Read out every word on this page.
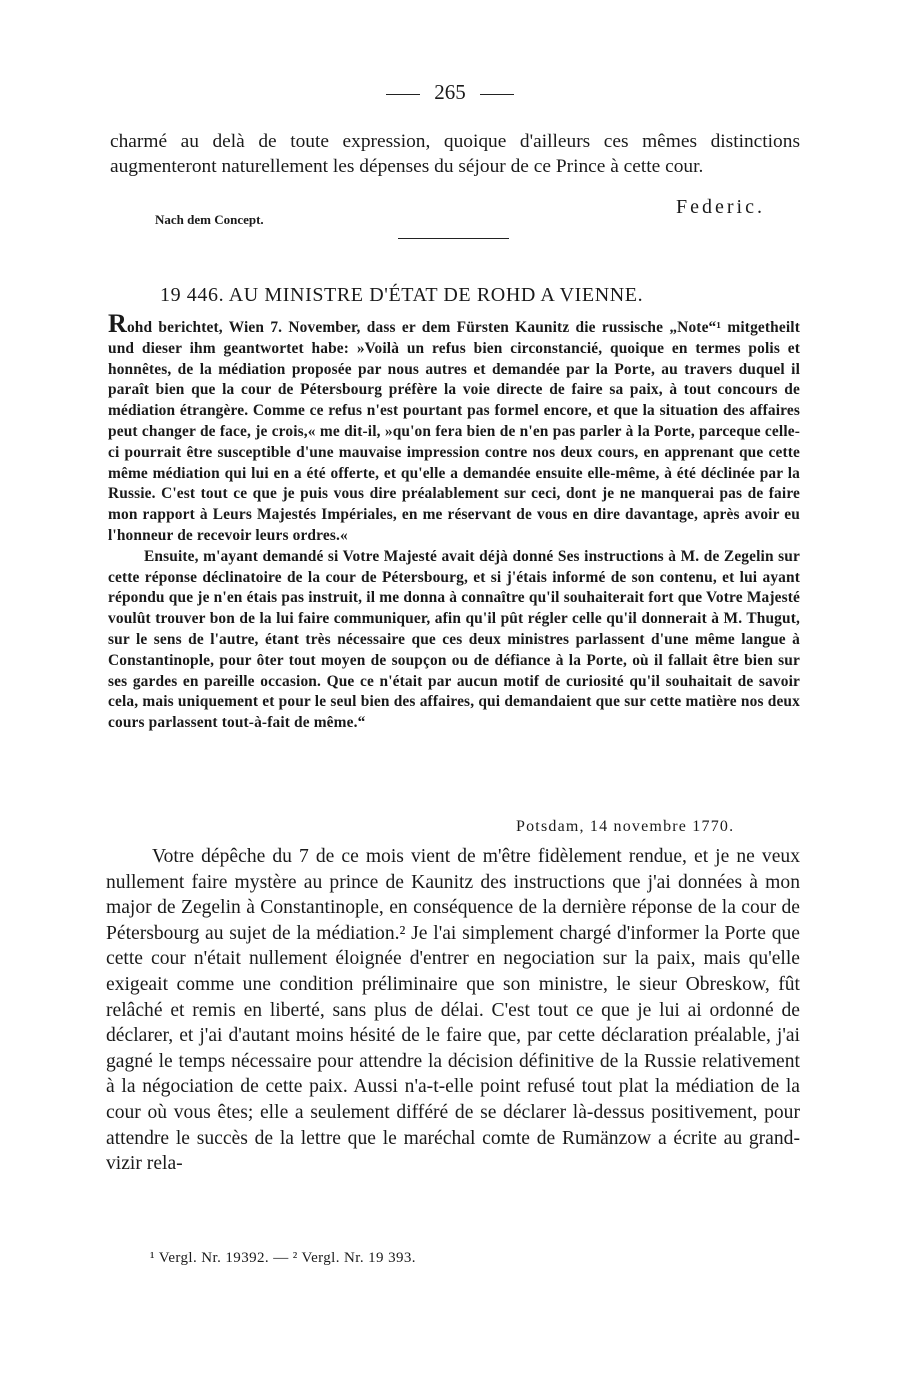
265

charmé au delà de toute expression, quoique d'ailleurs ces mêmes distinctions augmenteront naturellement les dépenses du séjour de ce Prince à cette cour.

Nach dem Concept.
Federic.
19 446. AU MINISTRE D'ÉTAT DE ROHD A VIENNE.

Rohd berichtet, Wien 7. November, dass er dem Fürsten Kaunitz die russische „Note“¹ mitgetheilt und dieser ihm geantwortet habe: »Voilà un refus bien circonstancié, quoique en termes polis et honnêtes, de la médiation proposée par nous autres et demandée par la Porte, au travers duquel il paraît bien que la cour de Pétersbourg préfère la voie directe de faire sa paix, à tout concours de médiation étrangère. Comme ce refus n'est pourtant pas formel encore, et que la situation des affaires peut changer de face, je crois,« me dit-il, »qu'on fera bien de n'en pas parler à la Porte, parceque celle-ci pourrait être susceptible d'une mauvaise impression contre nos deux cours, en apprenant que cette même médiation qui lui en a été offerte, et qu'elle a demandée ensuite elle-même, à été déclinée par la Russie. C'est tout ce que je puis vous dire préalablement sur ceci, dont je ne manquerai pas de faire mon rapport à Leurs Majestés Impériales, en me réservant de vous en dire davantage, après avoir eu l'honneur de recevoir leurs ordres.«

Ensuite, m'ayant demandé si Votre Majesté avait déjà donné Ses instructions à M. de Zegelin sur cette réponse déclinatoire de la cour de Pétersbourg, et si j'étais informé de son contenu, et lui ayant répondu que je n'en étais pas instruit, il me donna à connaître qu'il souhaiterait fort que Votre Majesté voulût trouver bon de la lui faire communiquer, afin qu'il pût régler celle qu'il donnerait à M. Thugut, sur le sens de l'autre, étant très nécessaire que ces deux ministres parlassent d'une même langue à Constantinople, pour ôter tout moyen de soupçon ou de défiance à la Porte, où il fallait être bien sur ses gardes en pareille occasion. Que ce n'était par aucun motif de curiosité qu'il souhaitait de savoir cela, mais uniquement et pour le seul bien des affaires, qui demandaient que sur cette matière nos deux cours parlassent tout-à-fait de même.“

Potsdam, 14 novembre 1770.

Votre dépêche du 7 de ce mois vient de m'être fidèlement rendue, et je ne veux nullement faire mystère au prince de Kaunitz des instructions que j'ai données à mon major de Zegelin à Constantinople, en conséquence de la dernière réponse de la cour de Pétersbourg au sujet de la médiation.² Je l'ai simplement chargé d'informer la Porte que cette cour n'était nullement éloignée d'entrer en negociation sur la paix, mais qu'elle exigeait comme une condition préliminaire que son ministre, le sieur Obreskow, fût relâché et remis en liberté, sans plus de délai. C'est tout ce que je lui ai ordonné de déclarer, et j'ai d'autant moins hésité de le faire que, par cette déclaration préalable, j'ai gagné le temps nécessaire pour attendre la décision définitive de la Russie relativement à la négociation de cette paix. Aussi n'a-t-elle point refusé tout plat la médiation de la cour où vous êtes; elle a seulement différé de se déclarer là-dessus positivement, pour attendre le succès de la lettre que le maréchal comte de Rumänzow a écrite au grand-vizir rela-

¹ Vergl. Nr. 19392. — ² Vergl. Nr. 19 393.
